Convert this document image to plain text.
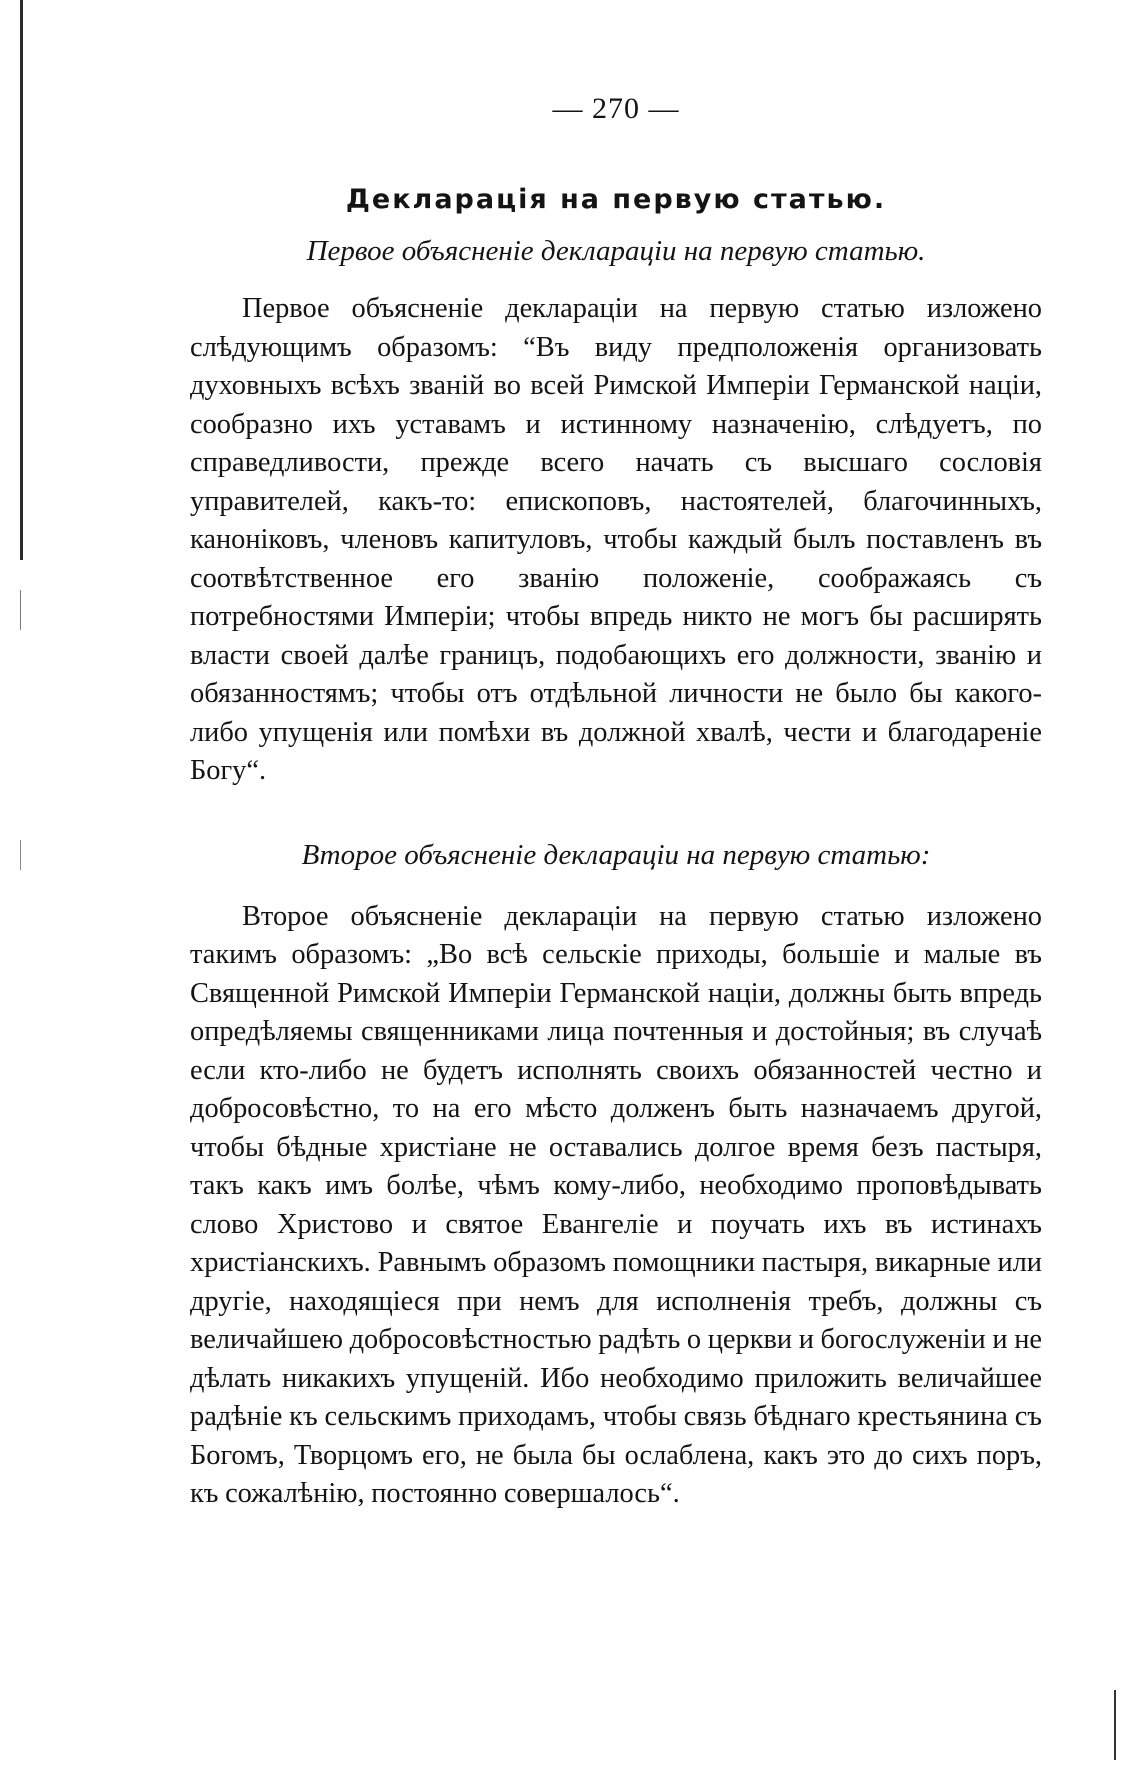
— 270 —
Декларація на первую статью.
Первое объясненіе деклараціи на первую статью.

Первое объясненіе деклараціи на первую статью изложено слѣдующимъ образомъ: “Въ виду предположенія организовать духовныхъ всѣхъ званій во всей Римской Имперіи Германской націи, сообразно ихъ уставамъ и истинному назначенію, слѣдуетъ, по справедливости, прежде всего начать съ высшаго сословія управителей, какъ-то: епископовъ, настоятелей, благочинныхъ, каноніковъ, членовъ капитуловъ, чтобы каждый былъ поставленъ въ соотвѣтственное его званію положеніе, соображаясь съ потребностями Имперіи; чтобы впредь никто не могъ бы расширять власти своей далѣе границъ, подобающихъ его должности, званію и обязанностямъ; чтобы отъ отдѣльной личности не было бы какого-либо упущенія или помѣхи въ должной хвалѣ, чести и благодареніе Богу“.

Второе объясненіе деклараціи на первую статью:

Второе объясненіе деклараціи на первую статью изложено такимъ образомъ: „Во всѣ сельскіе приходы, большіе и малые въ Священной Римской Имперіи Германской націи, должны быть впредь опредѣляемы священниками лица почтенныя и достойныя; въ случаѣ если кто-либо не будетъ исполнять своихъ обязанностей честно и добросовѣстно, то на его мѣсто долженъ быть назначаемъ другой, чтобы бѣдные христіане не оставались долгое время безъ пастыря, такъ какъ имъ болѣе, чѣмъ кому-либо, необходимо проповѣдывать слово Христово и святое Евангеліе и поучать ихъ въ истинахъ христіанскихъ. Равнымъ образомъ помощники пастыря, викарные или другіе, находящіеся при немъ для исполненія требъ, должны съ величайшею добросовѣстностью радѣть о церкви и богослуженіи и не дѣлать никакихъ упущеній. Ибо необходимо приложить величайшее радѣніе къ сельскимъ приходамъ, чтобы связь бѣднаго крестьянина съ Богомъ, Творцомъ его, не была бы ослаблена, какъ это до сихъ поръ, къ сожалѣнію, постоянно совершалось“.
